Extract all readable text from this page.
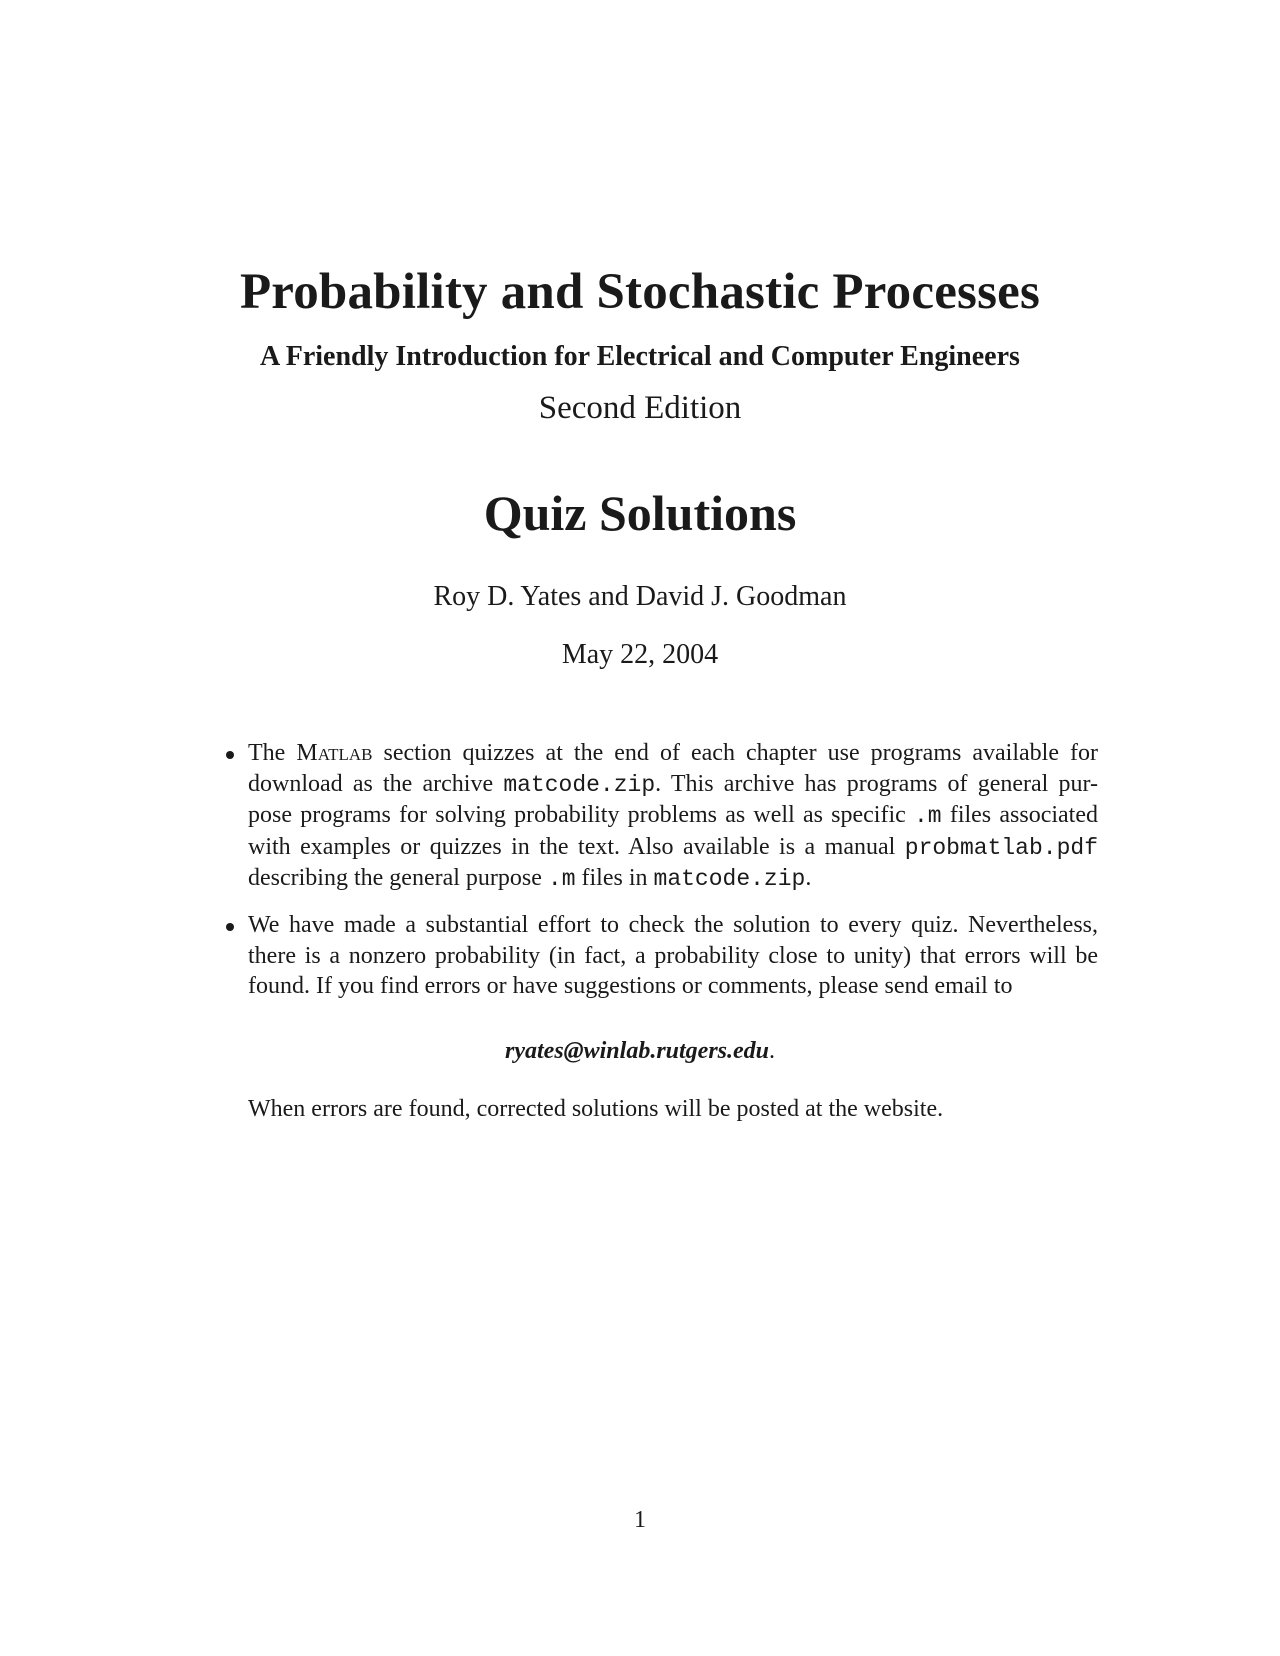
Probability and Stochastic Processes
A Friendly Introduction for Electrical and Computer Engineers
Second Edition
Quiz Solutions
Roy D. Yates and David J. Goodman
May 22, 2004
The Matlab section quizzes at the end of each chapter use programs available for
download as the archive matcode.zip. This archive has programs of general pur-
pose programs for solving probability problems as well as specific .m files associated
with examples or quizzes in the text. Also available is a manual probmatlab.pdf
describing the general purpose .m files in matcode.zip.
We have made a substantial effort to check the solution to every quiz. Nevertheless,
there is a nonzero probability (in fact, a probability close to unity) that errors will be
found. If you find errors or have suggestions or comments, please send email to
ryates@winlab.rutgers.edu.
When errors are found, corrected solutions will be posted at the website.
1
